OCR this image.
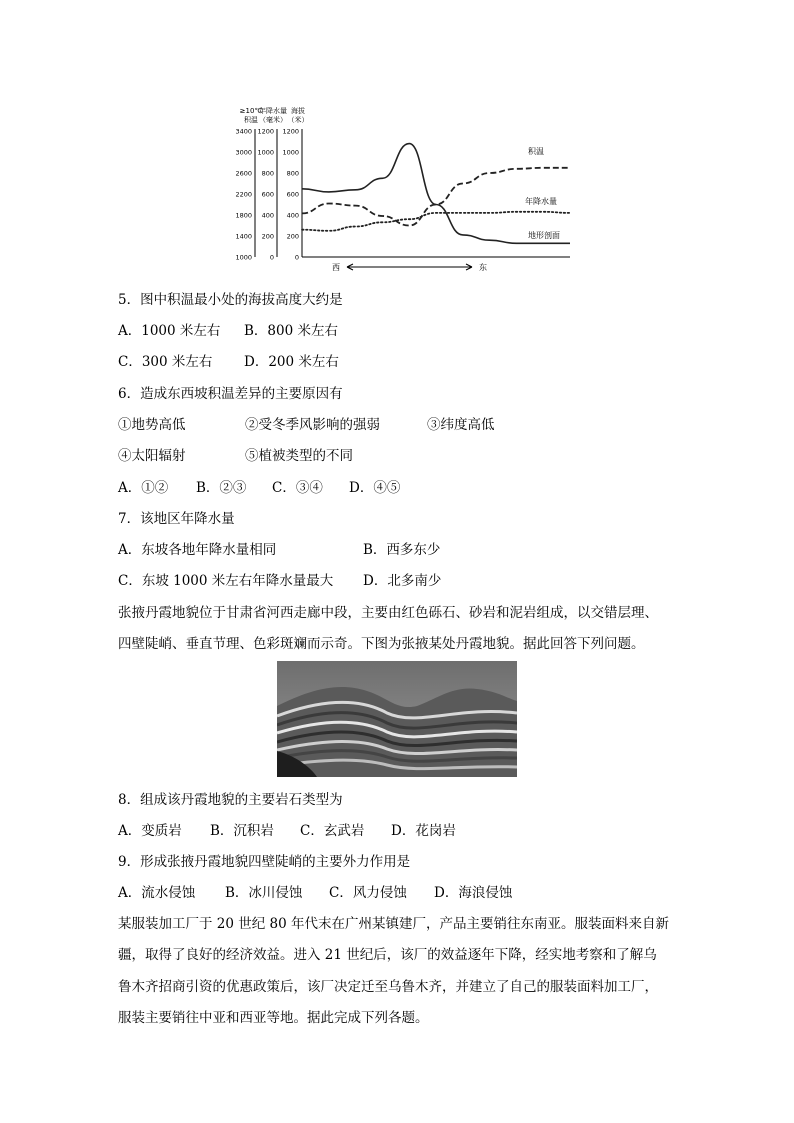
≥10℃
积温
年降水量
（毫米）
海拔
（米）
3400
3000
2600
2200
1800
1400
1000
1200
1000
800
600
400
200
0
1200
1000
800
600
400
200
0
积温
年降水量
地形剖面
西	东
5．图中积温最小处的海拔高度大约是
A．1000 米左右 B．800 米左右
C．300 米左右 D．200 米左右
6．造成东西坡积温差异的主要原因有
①地势高低	②受冬季风影响的强弱	③纬度高低
④太阳辐射	⑤植被类型的不同
A．①② B．②③ C．③④ D．④⑤
7．该地区年降水量
A．东坡各地年降水量相同	B．西多东少
C．东坡 1000 米左右年降水量最大 D．北多南少
张掖丹霞地貌位于甘肃省河西走廊中段，主要由红色砾石、砂岩和泥岩组成，以交错层理、
四壁陡峭、垂直节理、色彩斑斓而示奇。下图为张掖某处丹霞地貌。据此回答下列问题。
8．组成该丹霞地貌的主要岩石类型为
A．变质岩 B．沉积岩 C．玄武岩 D．花岗岩
9．形成张掖丹霞地貌四壁陡峭的主要外力作用是
A．流水侵蚀 B．冰川侵蚀 C．风力侵蚀 D．海浪侵蚀
某服装加工厂于 20 世纪 80 年代末在广州某镇建厂，产品主要销往东南亚。服装面料来自新
疆，取得了良好的经济效益。进入 21 世纪后，该厂的效益逐年下降，经实地考察和了解乌
鲁木齐招商引资的优惠政策后，该厂决定迁至乌鲁木齐，并建立了自己的服装面料加工厂，
服装主要销往中亚和西亚等地。据此完成下列各题。
